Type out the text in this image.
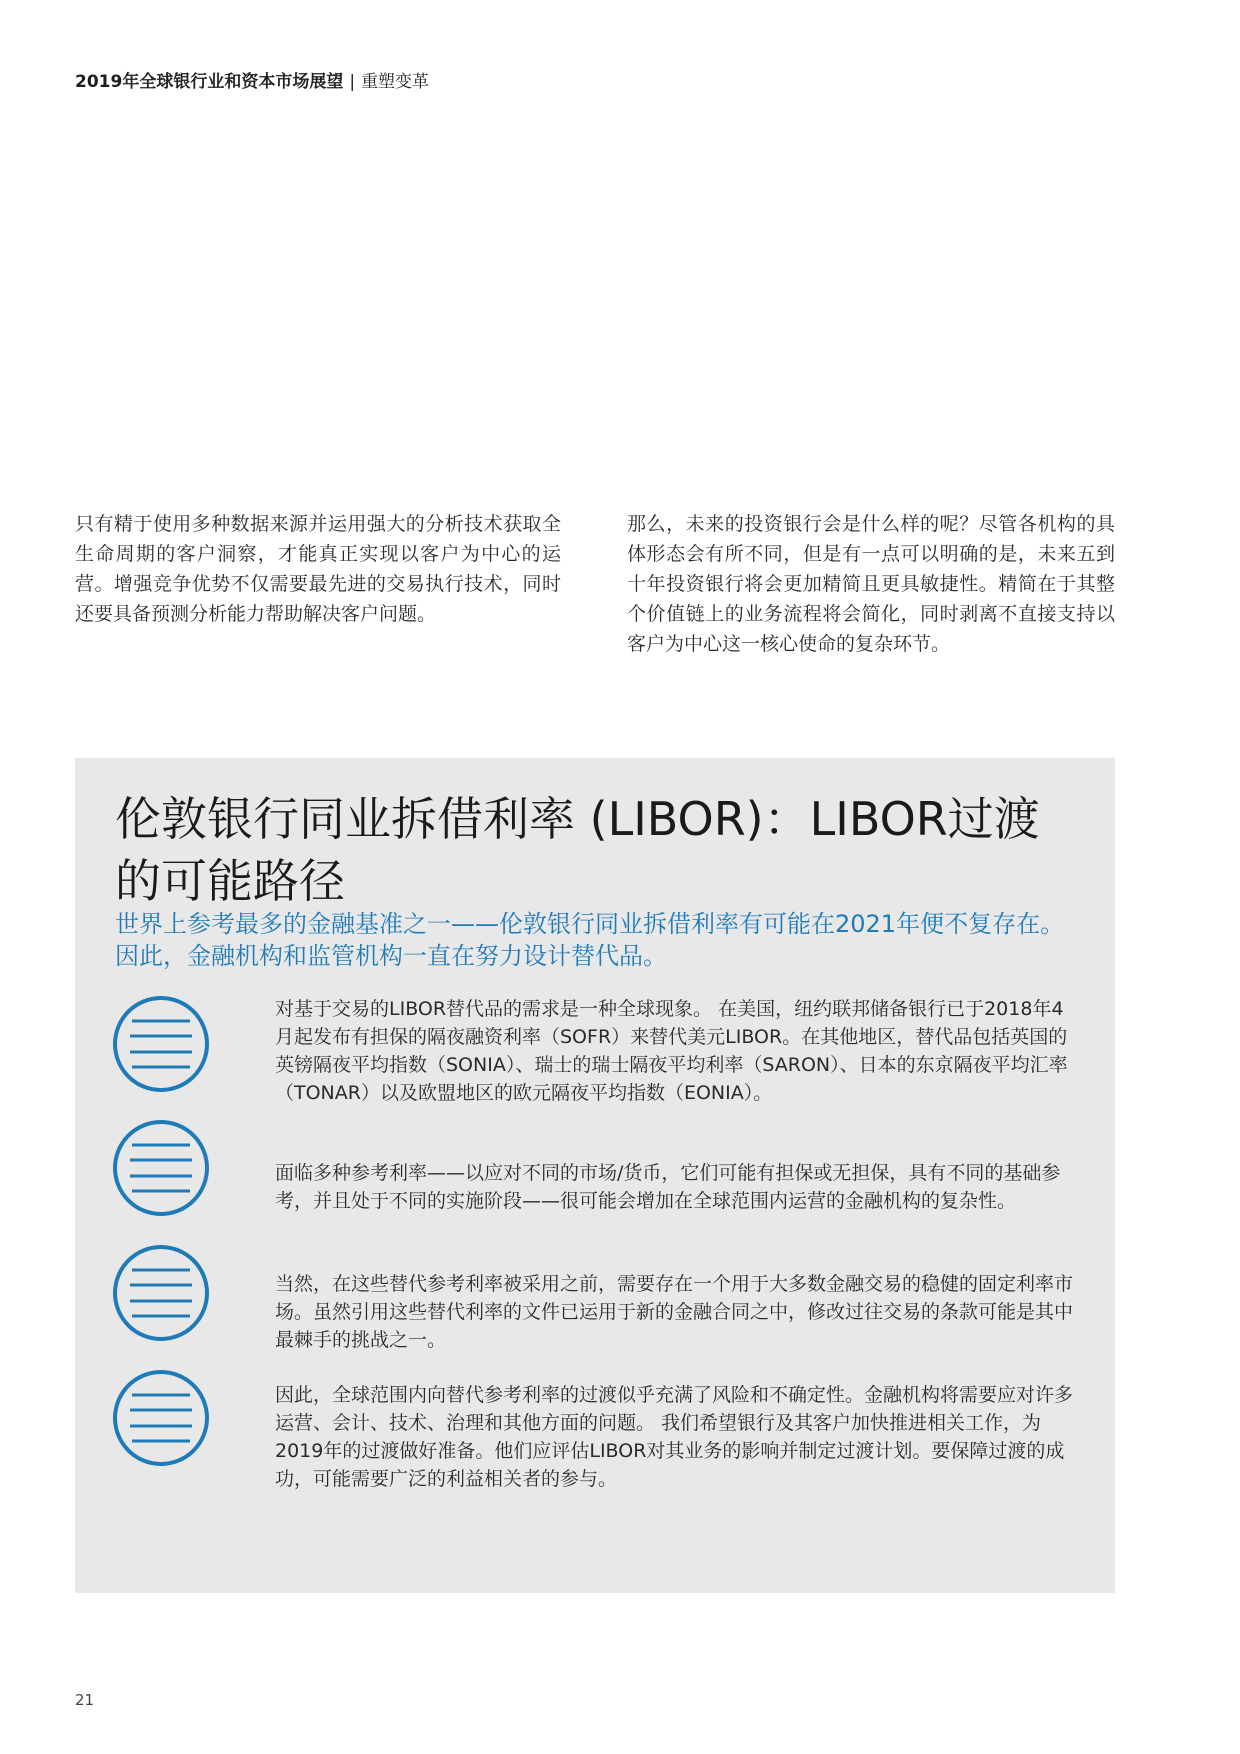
2019年全球银行业和资本市场展望 | 重塑变革
只有精于使用多种数据来源并运用强大的分析技术获取全生命周期的客户洞察，才能真正实现以客户为中心的运营。增强竞争优势不仅需要最先进的交易执行技术，同时还要具备预测分析能力帮助解决客户问题。
那么，未来的投资银行会是什么样的呢？尽管各机构的具体形态会有所不同，但是有一点可以明确的是，未来五到十年投资银行将会更加精简且更具敏捷性。精简在于其整个价值链上的业务流程将会简化，同时剥离不直接支持以客户为中心这一核心使命的复杂环节。
伦敦银行同业拆借利率 (LIBOR)：LIBOR过渡的可能路径
世界上参考最多的金融基准之一——伦敦银行同业拆借利率有可能在2021年便不复存在。因此，金融机构和监管机构一直在努力设计替代品。
对基于交易的LIBOR替代品的需求是一种全球现象。 在美国，纽约联邦储备银行已于2018年4月起发布有担保的隔夜融资利率（SOFR）来替代美元LIBOR。在其他地区，替代品包括英国的英镑隔夜平均指数（SONIA）、瑞士的瑞士隔夜平均利率（SARON）、日本的东京隔夜平均汇率（TONAR）以及欧盟地区的欧元隔夜平均指数（EONIA）。
面临多种参考利率——以应对不同的市场/货币，它们可能有担保或无担保，具有不同的基础参考，并且处于不同的实施阶段——很可能会增加在全球范围内运营的金融机构的复杂性。
当然，在这些替代参考利率被采用之前，需要存在一个用于大多数金融交易的稳健的固定利率市场。虽然引用这些替代利率的文件已运用于新的金融合同之中，修改过往交易的条款可能是其中最棘手的挑战之一。
因此，全球范围内向替代参考利率的过渡似乎充满了风险和不确定性。金融机构将需要应对许多运营、会计、技术、治理和其他方面的问题。 我们希望银行及其客户加快推进相关工作，为2019年的过渡做好准备。他们应评估LIBOR对其业务的影响并制定过渡计划。要保障过渡的成功，可能需要广泛的利益相关者的参与。
21
